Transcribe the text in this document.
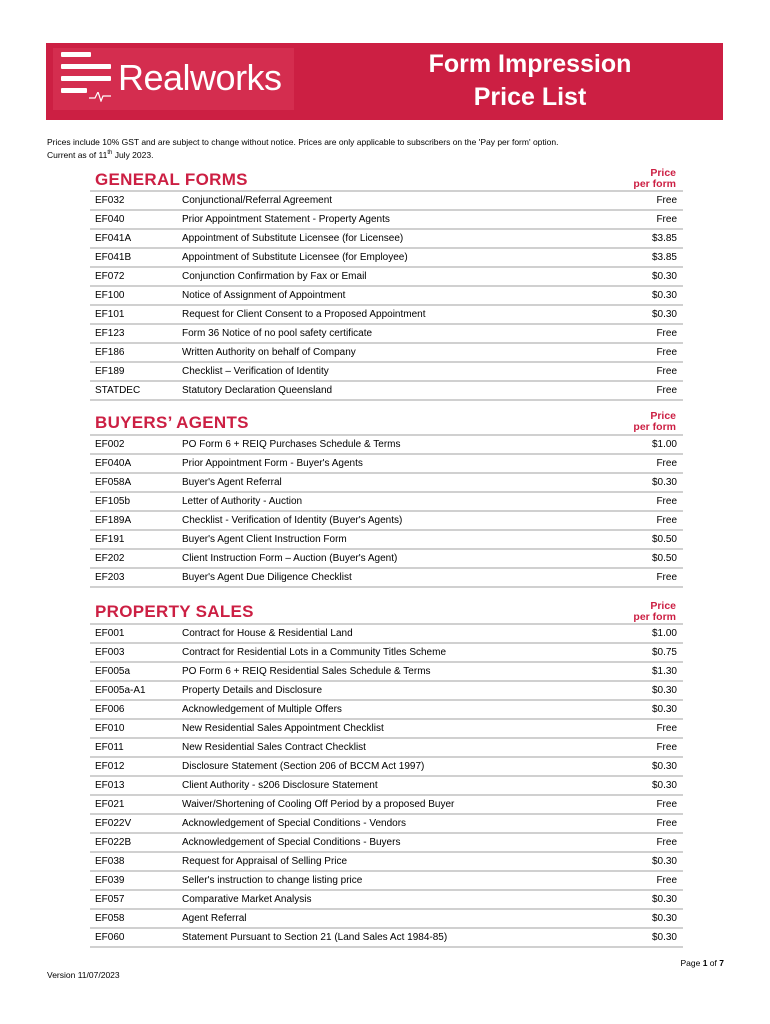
Realworks	Form Impression
Price List
Prices include 10% GST and are subject to change without notice. Prices are only applicable to subscribers on the 'Pay per form' option.
Current as of 11th July 2023.
GENERAL FORMS	Price
per form
EF032	Conjunctional/Referral Agreement	Free
EF040	Prior Appointment Statement - Property Agents	Free
EF041A	Appointment of Substitute Licensee (for Licensee)	$3.85
EF041B	Appointment of Substitute Licensee (for Employee)	$3.85
EF072	Conjunction Confirmation by Fax or Email	$0.30
EF100	Notice of Assignment of Appointment	$0.30
EF101	Request for Client Consent to a Proposed Appointment	$0.30
EF123	Form 36 Notice of no pool safety certificate	Free
EF186	Written Authority on behalf of Company	Free
EF189	Checklist – Verification of Identity	Free
STATDEC	Statutory Declaration Queensland	Free
BUYERS’ AGENTS	Price
per form
EF002	PO Form 6 + REIQ Purchases Schedule & Terms	$1.00
EF040A	Prior Appointment Form - Buyer's Agents	Free
EF058A	Buyer's Agent Referral	$0.30
EF105b	Letter of Authority - Auction	Free
EF189A	Checklist - Verification of Identity (Buyer's Agents)	Free
EF191	Buyer's Agent Client Instruction Form	$0.50
EF202	Client Instruction Form – Auction (Buyer's Agent)	$0.50
EF203	Buyer's Agent Due Diligence Checklist	Free
PROPERTY SALES	Price
per form
EF001	Contract for House & Residential Land	$1.00
EF003	Contract for Residential Lots in a Community Titles Scheme	$0.75
EF005a	PO Form 6 + REIQ Residential Sales Schedule & Terms	$1.30
EF005a-A1	Property Details and Disclosure	$0.30
EF006	Acknowledgement of Multiple Offers	$0.30
EF010	New Residential Sales Appointment Checklist	Free
EF011	New Residential Sales Contract Checklist	Free
EF012	Disclosure Statement (Section 206 of BCCM Act 1997)	$0.30
EF013	Client Authority - s206 Disclosure Statement	$0.30
EF021	Waiver/Shortening of Cooling Off Period by a proposed Buyer	Free
EF022V	Acknowledgement of Special Conditions - Vendors	Free
EF022B	Acknowledgement of Special Conditions - Buyers	Free
EF038	Request for Appraisal of Selling Price	$0.30
EF039	Seller's instruction to change listing price	Free
EF057	Comparative Market Analysis	$0.30
EF058	Agent Referral	$0.30
EF060	Statement Pursuant to Section 21 (Land Sales Act 1984-85)	$0.30
Version 11/07/2023
Page 1 of 7
